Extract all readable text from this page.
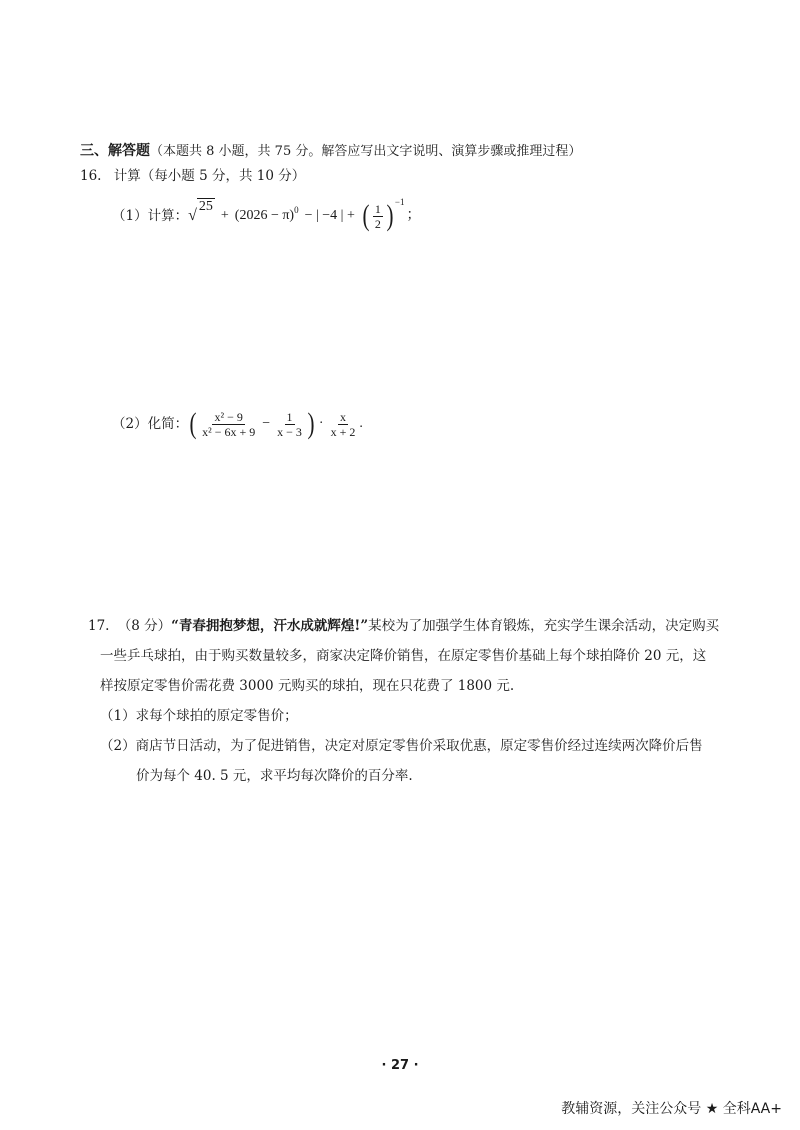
三、解答题（本题共 8 小题，共 75 分。解答应写出文字说明、演算步骤或推理过程）
16. 计算（每小题 5 分，共 10 分）
（1）计算： √
25
+ (2026 − π) 0 − | −4 | + ( $\frac{1}{2}$ ) −1
；
（2）化简： ( $\frac{\text{x² − 9}}{\text{x² − 6x + 9}} - \frac{1}{x - 3}$ ) · $\frac{x}{x + 2}$ .
17. （8 分）“青春拥抱梦想，汗水成就辉煌!”某校为了加强学生体育锻炼，充实学生课余活动，决定购买
一些乒乓球拍，由于购买数量较多，商家决定降价销售，在原定零售价基础上每个球拍降价 20 元，这
样按原定零售价需花费 3000 元购买的球拍，现在只花费了 1800 元.
（1）求每个球拍的原定零售价；
（2）商店节日活动，为了促进销售，决定对原定零售价采取优惠，原定零售价经过连续两次降价后售
价为每个 40. 5 元，求平均每次降价的百分率.
· 27 ·
教辅资源，关注公众号 ★ 全科AA+
